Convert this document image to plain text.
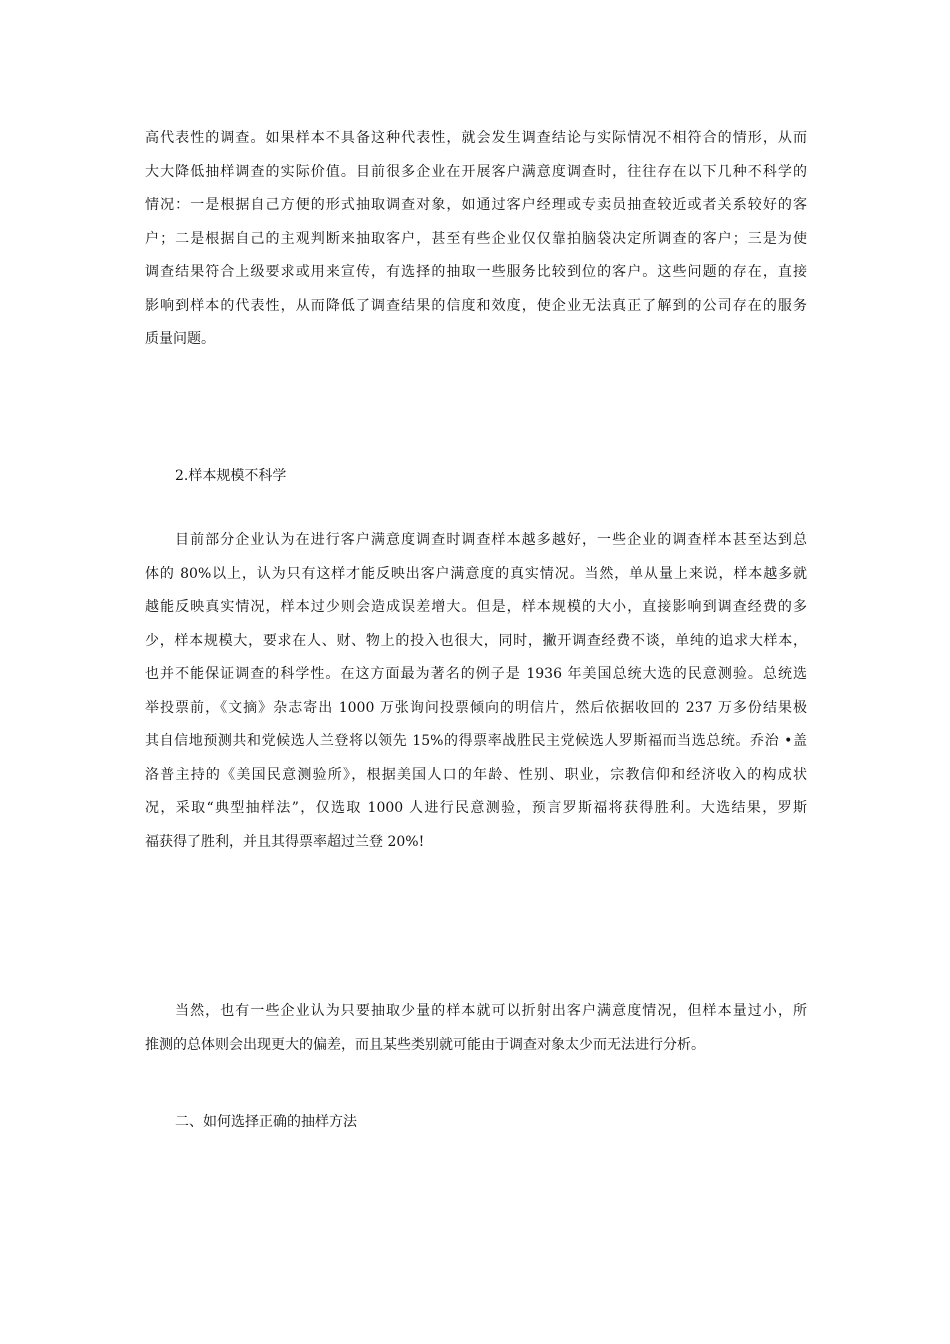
高代表性的调查。如果样本不具备这种代表性，就会发生调查结论与实际情况不相符合的情形，从而
大大降低抽样调查的实际价值。目前很多企业在开展客户满意度调查时，往往存在以下几种不科学的
情况：一是根据自己方便的形式抽取调查对象，如通过客户经理或专卖员抽查较近或者关系较好的客
户；二是根据自己的主观判断来抽取客户，甚至有些企业仅仅靠拍脑袋决定所调查的客户；三是为使
调查结果符合上级要求或用来宣传，有选择的抽取一些服务比较到位的客户。这些问题的存在，直接
影响到样本的代表性，从而降低了调查结果的信度和效度，使企业无法真正了解到的公司存在的服务
质量问题。
2.样本规模不科学
目前部分企业认为在进行客户满意度调查时调查样本越多越好，一些企业的调查样本甚至达到总
体的 80%以上，认为只有这样才能反映出客户满意度的真实情况。当然，单从量上来说，样本越多就
越能反映真实情况，样本过少则会造成误差增大。但是，样本规模的大小，直接影响到调查经费的多
少，样本规模大，要求在人、财、物上的投入也很大，同时，撇开调查经费不谈，单纯的追求大样本，
也并不能保证调查的科学性。在这方面最为著名的例子是 1936 年美国总统大选的民意测验。总统选
举投票前，《文摘》杂志寄出 1000 万张询问投票倾向的明信片，然后依据收回的 237 万多份结果极
其自信地预测共和党候选人兰登将以领先 15%的得票率战胜民主党候选人罗斯福而当选总统。乔治 •盖
洛普主持的《美国民意测验所》，根据美国人口的年龄、性别、职业，宗教信仰和经济收入的构成状
况，采取“典型抽样法”，仅选取 1000 人进行民意测验，预言罗斯福将获得胜利。大选结果，罗斯
福获得了胜利，并且其得票率超过兰登 20%!
当然，也有一些企业认为只要抽取少量的样本就可以折射出客户满意度情况，但样本量过小，所
推测的总体则会出现更大的偏差，而且某些类别就可能由于调查对象太少而无法进行分析。
二、如何选择正确的抽样方法
